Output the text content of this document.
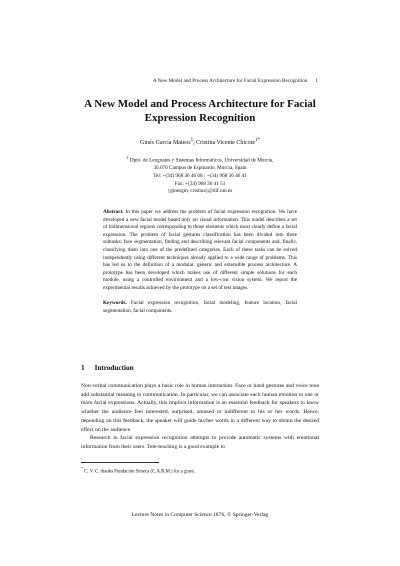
A New Model and Process Architecture for Facial Expression Recognition 1
A New Model and Process Architecture for Facial
Expression Recognition
Ginés García Mateos$^1$, Cristina Vicente Chicote$^{1*}$
$^1$ Dpto. de Lenguajes y Sistemas Informáticos, Universidad de Murcia,
30.070 Campus de Espinardo, Murcia, Spain
Tel: +(34) 968 36 46 08 / +(34) 968 36 46 41
Fax: +(34) 968 36 41 51
{ginesgm, cristina}@dif.um.es
Abstract. In this paper we address the problem of facial expression recognition. We have developed a new facial model based only on visual information. This model describes a set of bidimensional regions corresponding to those elements which most clearly define a facial expression. The problem of facial gestures classification has been divided into three subtasks: face segmentation, finding and describing relevant facial components and, finally, classifying them into one of the predefined categories. Each of these tasks can be solved independently using different techniques already applied to a wide range of problems. This has led us to the definition of a modular, generic and extensible process architecture. A prototype has been developed which makes use of different simple solutions for each module, using a controlled environment and a low-cost vision system. We report the experimental results achieved by the prototype on a set of test images.
Keywords. Facial expression recognition, facial modeling, feature location, facial segmentation, facial components.
1 Introduction

Non-verbal communication plays a basic role in human interaction. Face or hand gestures and voice tone add substantial meaning to communication. In particular, we can associate each human emotion to one or more facial expressions. Actually, this implicit information is an essential feedback for speakers to know whether the audience feel interested, surprised, amused or indifferent to his or her words. Hence, depending on this feedback, the speaker will guide his/her words in a different way to obtain the desired effect on the audience.

Research in facial expression recognition attempts to provide automatic systems with emotional information from their users. Tele-teaching is a good example to

* C. V. C. thanks Fundación Séneca (C.A.R.M.) for a grant.
Lecture Notes in Computer Science 1876, © Springer-Verlag
